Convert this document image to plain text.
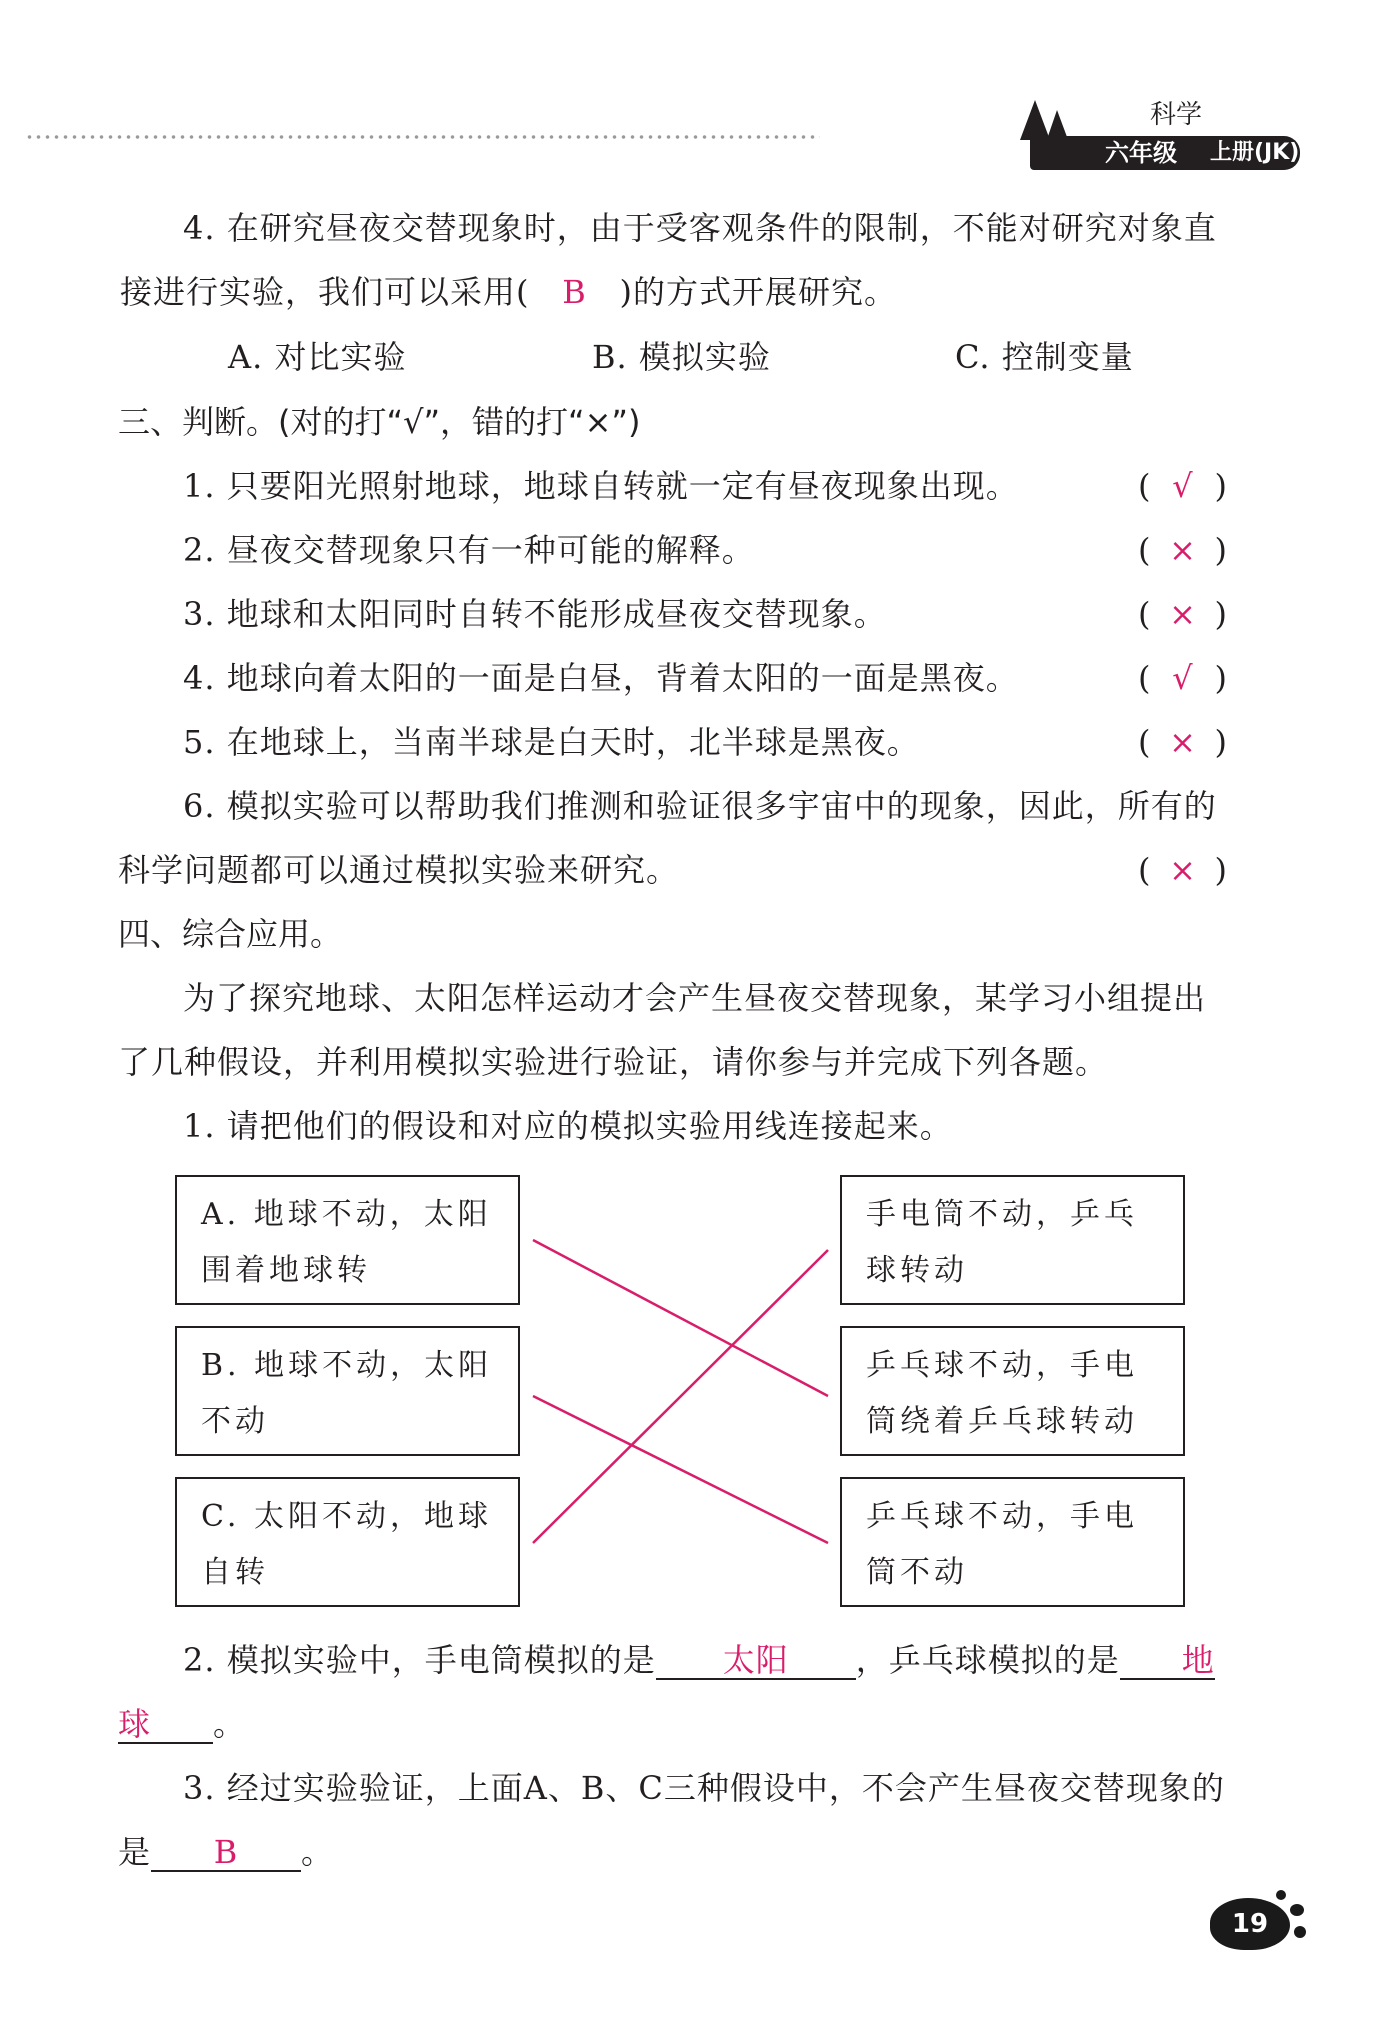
科学
六年级 上册(JK)
4. 在研究昼夜交替现象时，由于受客观条件的限制，不能对研究对象直
接进行实验，我们可以采用( B )的方式开展研究。
A. 对比实验	B. 模拟实验	C. 控制变量
三、判断。(对的打“√”，错的打“×”)
1. 只要阳光照射地球，地球自转就一定有昼夜现象出现。	( √ )
2. 昼夜交替现象只有一种可能的解释。	( × )
3. 地球和太阳同时自转不能形成昼夜交替现象。	( × )
4. 地球向着太阳的一面是白昼，背着太阳的一面是黑夜。	( √ )
5. 在地球上，当南半球是白天时，北半球是黑夜。	( × )
6. 模拟实验可以帮助我们推测和验证很多宇宙中的现象，因此，所有的
科学问题都可以通过模拟实验来研究。	( × )
四、综合应用。
为了探究地球、太阳怎样运动才会产生昼夜交替现象，某学习小组提出
了几种假设，并利用模拟实验进行验证，请你参与并完成下列各题。
1. 请把他们的假设和对应的模拟实验用线连接起来。
A. 地球不动，太阳围着地球转
B. 地球不动，太阳不动
C. 太阳不动，地球自转
手电筒不动，乒乓球转动
乒乓球不动，手电筒绕着乒乓球转动
乒乓球不动，手电筒不动
2. 模拟实验中，手电筒模拟的是 太阳 ，乒乓球模拟的是 地
球 。
3. 经过实验验证，上面A、B、C三种假设中，不会产生昼夜交替现象的
是 B 。
19
